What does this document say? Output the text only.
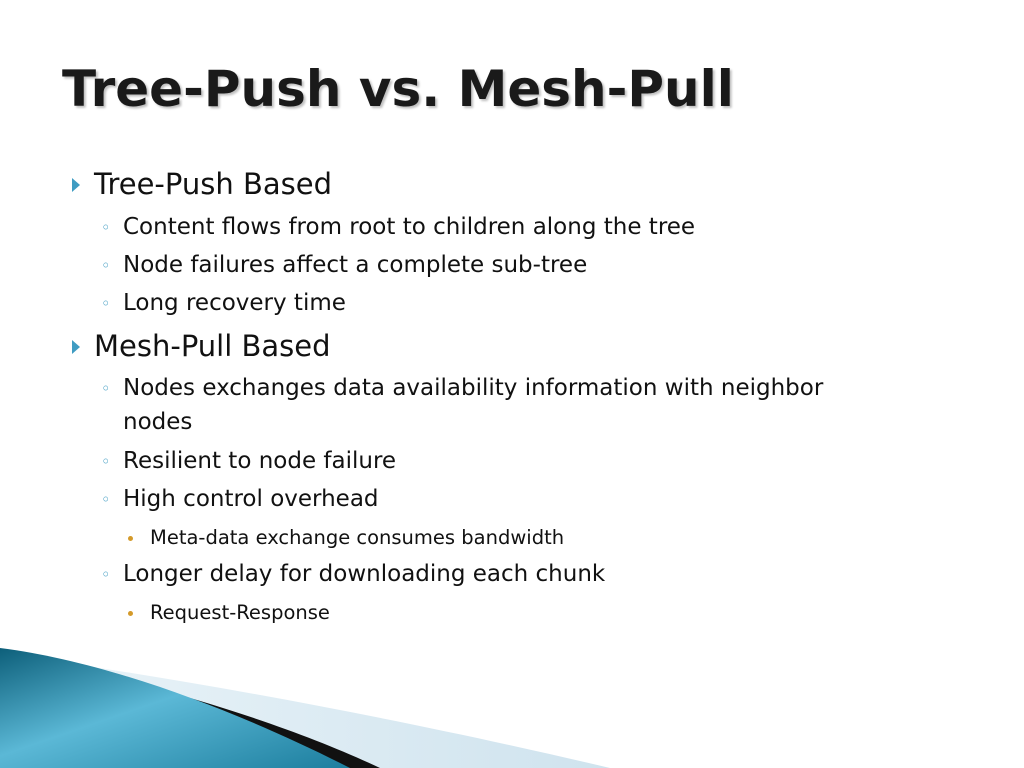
Tree-Push vs. Mesh-Pull
Tree-Push Based
◦ Content flows from root to children along the tree
◦ Node failures affect a complete sub-tree
◦ Long recovery time
Mesh-Pull Based
◦ Nodes exchanges data availability information with neighbor
nodes
◦ Resilient to node failure
◦ High control overhead
Meta-data exchange consumes bandwidth
◦ Longer delay for downloading each chunk
Request-Response
